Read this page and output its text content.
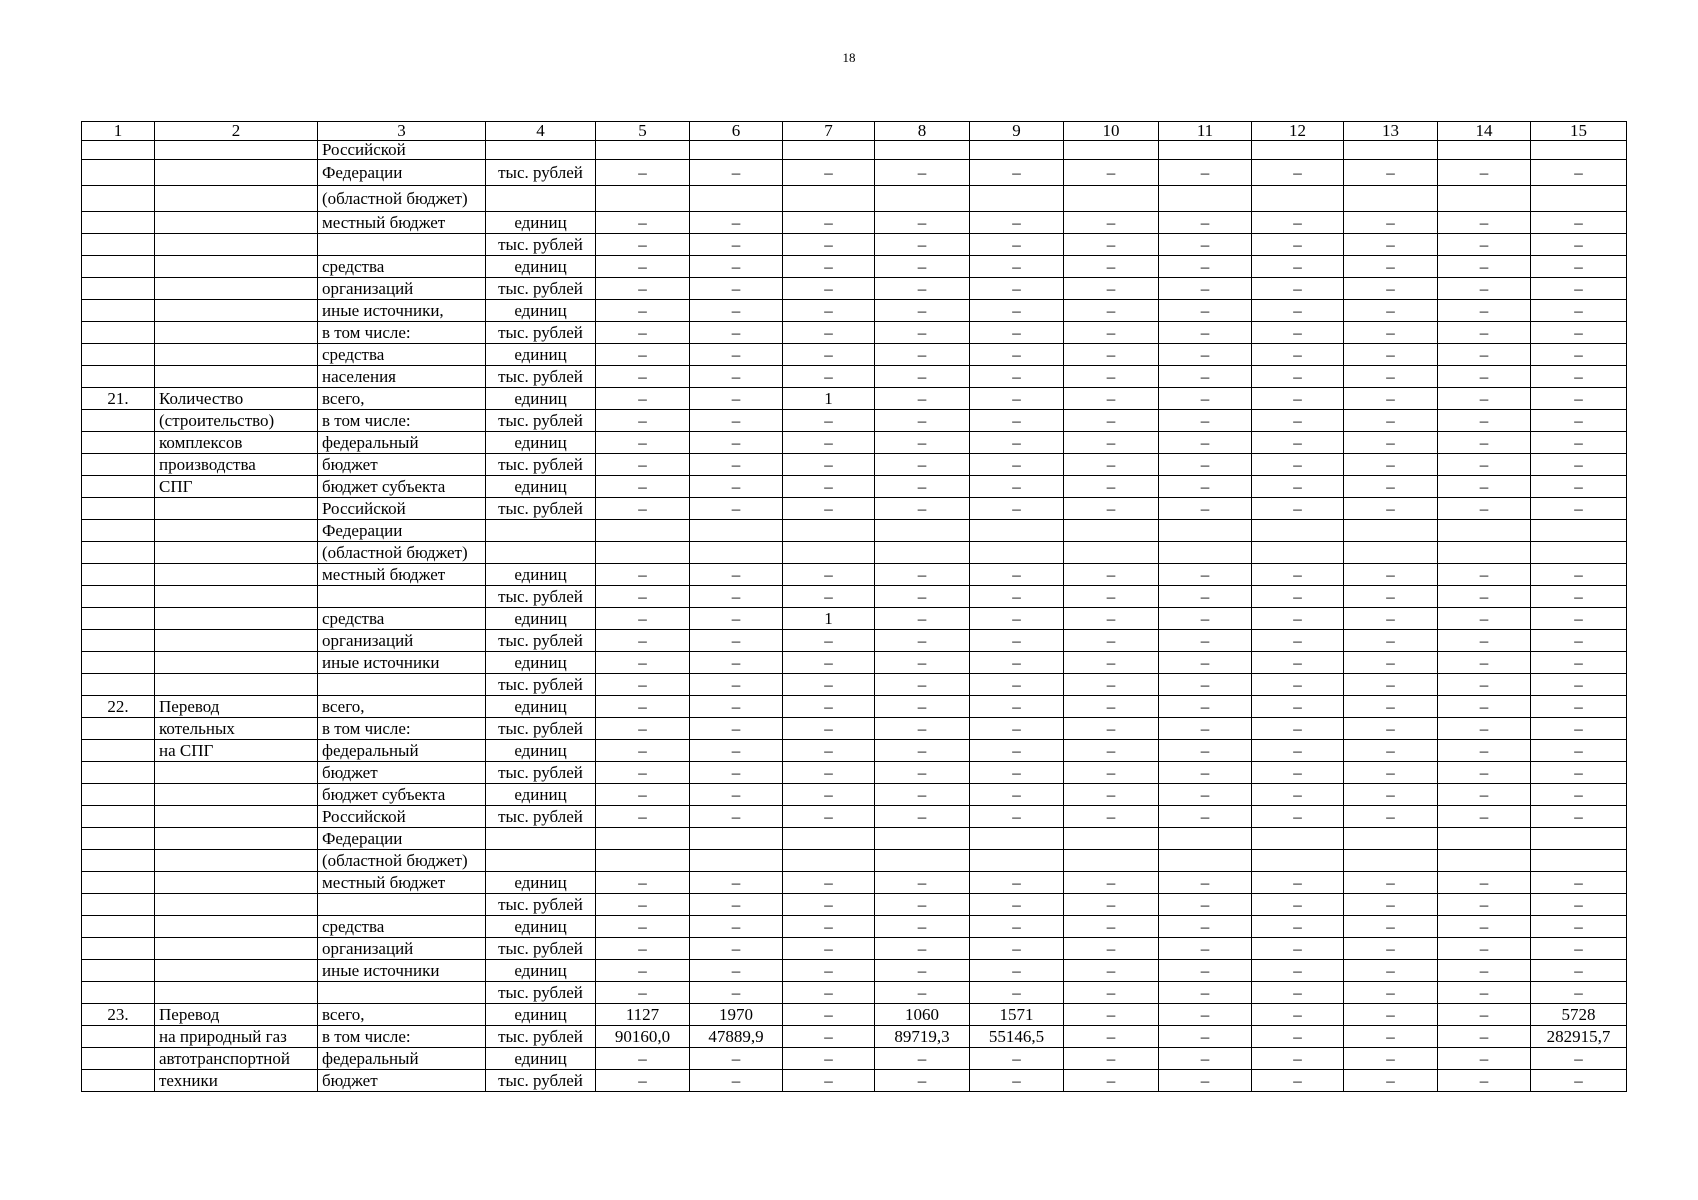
18
1	2	3	4	5	6	7	8	9	10	11	12	13	14	15
		Российской												
		Федерации	тыс. рублей	–	–	–	–	–	–	–	–	–	–	–
		(областной бюджет)												
		местный бюджет	единиц	–	–	–	–	–	–	–	–	–	–	–
			тыс. рублей	–	–	–	–	–	–	–	–	–	–	–
		средства	единиц	–	–	–	–	–	–	–	–	–	–	–
		организаций	тыс. рублей	–	–	–	–	–	–	–	–	–	–	–
		иные источники,	единиц	–	–	–	–	–	–	–	–	–	–	–
		в том числе:	тыс. рублей	–	–	–	–	–	–	–	–	–	–	–
		средства	единиц	–	–	–	–	–	–	–	–	–	–	–
		населения	тыс. рублей	–	–	–	–	–	–	–	–	–	–	–
21.	Количество	всего,	единиц	–	–	1	–	–	–	–	–	–	–	–
	(строительство)	в том числе:	тыс. рублей	–	–	–	–	–	–	–	–	–	–	–
	комплексов	федеральный	единиц	–	–	–	–	–	–	–	–	–	–	–
	производства	бюджет	тыс. рублей	–	–	–	–	–	–	–	–	–	–	–
	СПГ	бюджет субъекта	единиц	–	–	–	–	–	–	–	–	–	–	–
		Российской	тыс. рублей	–	–	–	–	–	–	–	–	–	–	–
		Федерации												
		(областной бюджет)												
		местный бюджет	единиц	–	–	–	–	–	–	–	–	–	–	–
			тыс. рублей	–	–	–	–	–	–	–	–	–	–	–
		средства	единиц	–	–	1	–	–	–	–	–	–	–	–
		организаций	тыс. рублей	–	–	–	–	–	–	–	–	–	–	–
		иные источники	единиц	–	–	–	–	–	–	–	–	–	–	–
			тыс. рублей	–	–	–	–	–	–	–	–	–	–	–
22.	Перевод	всего,	единиц	–	–	–	–	–	–	–	–	–	–	–
	котельных	в том числе:	тыс. рублей	–	–	–	–	–	–	–	–	–	–	–
	на СПГ	федеральный	единиц	–	–	–	–	–	–	–	–	–	–	–
		бюджет	тыс. рублей	–	–	–	–	–	–	–	–	–	–	–
		бюджет субъекта	единиц	–	–	–	–	–	–	–	–	–	–	–
		Российской	тыс. рублей	–	–	–	–	–	–	–	–	–	–	–
		Федерации												
		(областной бюджет)												
		местный бюджет	единиц	–	–	–	–	–	–	–	–	–	–	–
			тыс. рублей	–	–	–	–	–	–	–	–	–	–	–
		средства	единиц	–	–	–	–	–	–	–	–	–	–	–
		организаций	тыс. рублей	–	–	–	–	–	–	–	–	–	–	–
		иные источники	единиц	–	–	–	–	–	–	–	–	–	–	–
			тыс. рублей	–	–	–	–	–	–	–	–	–	–	–
23.	Перевод	всего,	единиц	1127	1970	–	1060	1571	–	–	–	–	–	5728
	на природный газ	в том числе:	тыс. рублей	90160,0	47889,9	–	89719,3	55146,5	–	–	–	–	–	282915,7
	автотранспортной	федеральный	единиц	–	–	–	–	–	–	–	–	–	–	–
	техники	бюджет	тыс. рублей	–	–	–	–	–	–	–	–	–	–	–
